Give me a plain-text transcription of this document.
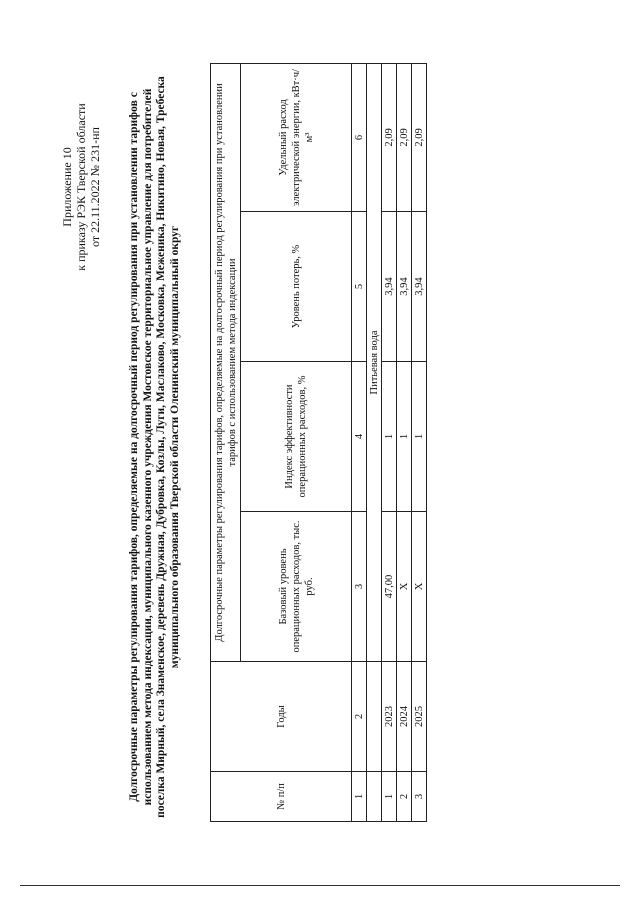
Приложение 10 к приказу РЭК Тверской области от 22.11.2022 № 231-нп Долгосрочные параметры регулирования тарифов, определяемые на долгосрочный период регулирования при установлении тарифов с использованием метода индексации, муниципального казенного учреждения Мостовское территориальное управление для потребителей поселка Мирный, села Знаменское, деревень Дружная, Дубровка, Козлы, Луги, Маслаково, Московка, Меженика, Никитино, Новая, Требеска муниципального образования Тверской области Оленинский муниципальный округ
№ п/п	Годы	Долгосрочные параметры регулирования тарифов, определяемые на долгосрочный период регулирования при установлении тарифов с использованием метода индексации			
		Базовый уровень операционных расходов, тыс. руб.	Индекс эффективности операционных расходов, %	Уровень потерь, %	Удельный расход электрической энергии, кВт·ч/м³
1	2	3	4	5	6
		Питьевая вода			
1	2023	47,00	1	3,94	2,09
2	2024	X	1	3,94	2,09
3	2025	X	1	3,94	2,09
